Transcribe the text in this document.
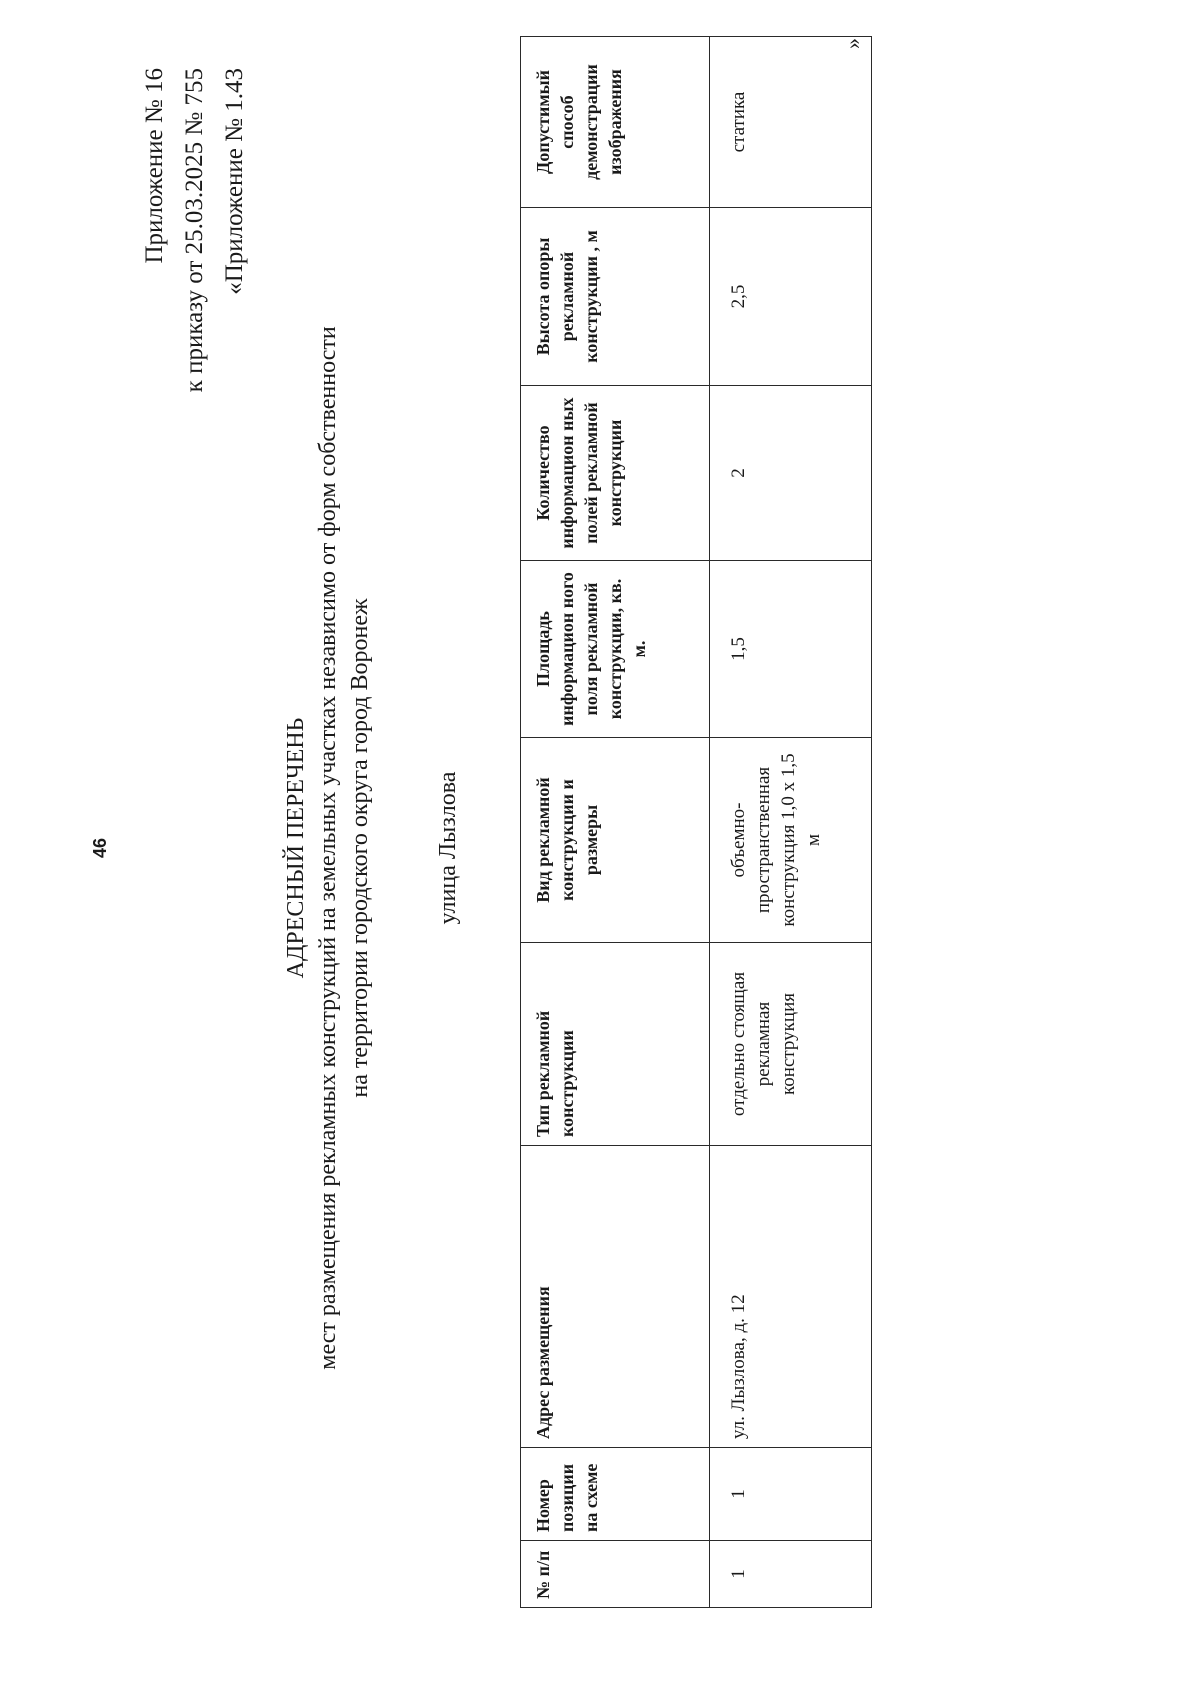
46
Приложение № 16 к приказу от 25.03.2025 № 755 «Приложение № 1.43
АДРЕСНЫЙ ПЕРЕЧЕНЬ мест размещения рекламных конструкций на земельных участках независимо от форм собственности на территории городского округа город Воронеж	улица Лызлова
№ п/п	Номер позиции на схеме	Адрес размещения	Тип рекламной конструкции	Вид рекламной конструкции и размеры	Площадь информацион ного поля рекламной конструкции, кв. м.	Количество информацион ных полей рекламной конструкции	Высота опоры рекламной конструкции , м	Допустимый способ демонстрации изображения
1	1	ул. Лызлова, д. 12	отдельно стоящая рекламная конструкция	объемно-пространственная конструкция 1,0 х 1,5 м	1,5	2	2,5	статика
»
